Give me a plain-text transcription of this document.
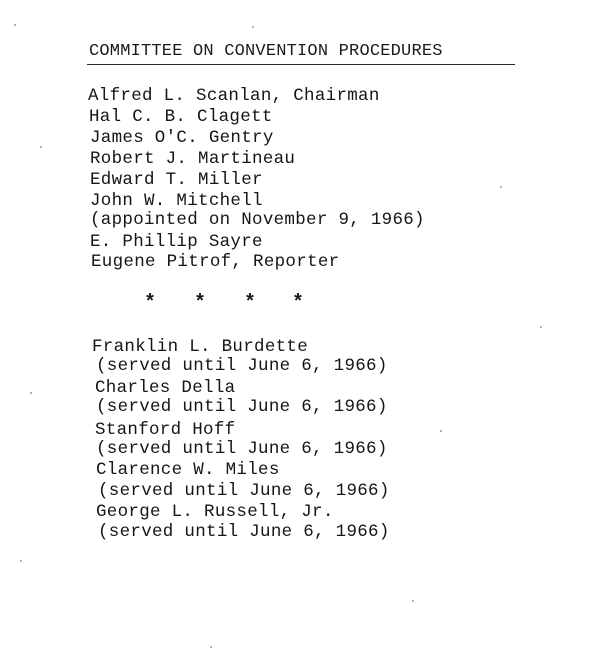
COMMITTEE ON CONVENTION PROCEDURES
Alfred L. Scanlan, Chairman
Hal C. B. Clagett
James O'C. Gentry
Robert J. Martineau
Edward T. Miller
John W. Mitchell
(appointed on November 9, 1966)
E. Phillip Sayre
Eugene Pitrof, Reporter
* * * *
Franklin L. Burdette
(served until June 6, 1966)
Charles Della
(served until June 6, 1966)
Stanford Hoff
(served until June 6, 1966)
Clarence W. Miles
(served until June 6, 1966)
George L. Russell, Jr.
(served until June 6, 1966)
